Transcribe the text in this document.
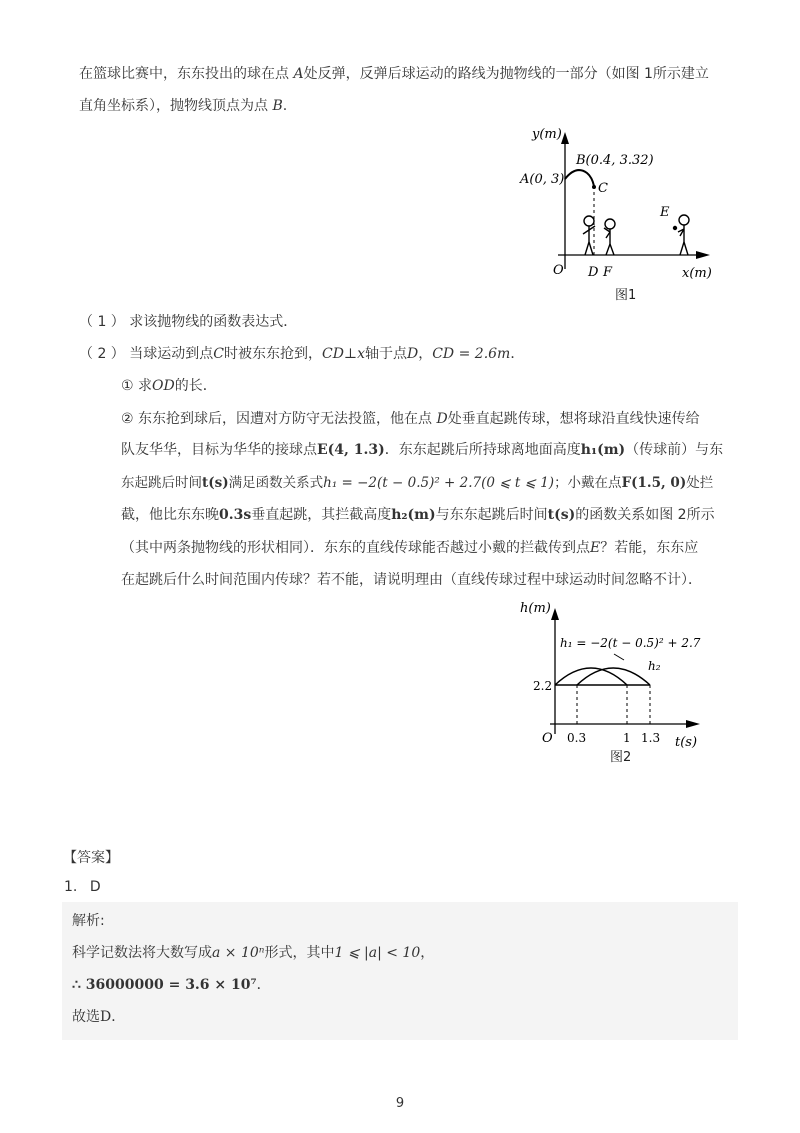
在篮球比赛中，东东投出的球在点 A处反弹，反弹后球运动的路线为抛物线的一部分（如图 1所示建立
直角坐标系），抛物线顶点为点 B.
y(m)
x(m)
O
A(0, 3)
B(0.4, 3.32)
C
D F
E
图1
（ 1 ） 求该抛物线的函数表达式．
（ 2 ） 当球运动到点C时被东东抢到，CD⊥x轴于点D，CD = 2.6m．
① 求OD的长．
② 东东抢到球后，因遭对方防守无法投篮，他在点 D处垂直起跳传球，想将球沿直线快速传给
队友华华，目标为华华的接球点E(4, 1.3)．东东起跳后所持球离地面高度h₁(m)（传球前）与东
东起跳后时间t(s)满足函数关系式h₁ = −2(t − 0.5)² + 2.7(0 ⩽ t ⩽ 1)；小戴在点F(1.5, 0)处拦
截，他比东东晚0.3s垂直起跳，其拦截高度h₂(m)与东东起跳后时间t(s)的函数关系如图 2所示
（其中两条抛物线的形状相同）．东东的直线传球能否越过小戴的拦截传到点E？若能，东东应
在起跳后什么时间范围内传球？若不能，请说明理由（直线传球过程中球运动时间忽略不计）．
h(m)
t(s)
O
h₁ = −2(t − 0.5)² + 2.7
h₂
2.2
0.3	1 1.3
图2
【答案】
1. D
解析:
科学记数法将大数写成a × 10ⁿ形式，其中1 ⩽ |a| < 10，
∴ 36000000 = 3.6 × 10⁷．
故选D．
9
